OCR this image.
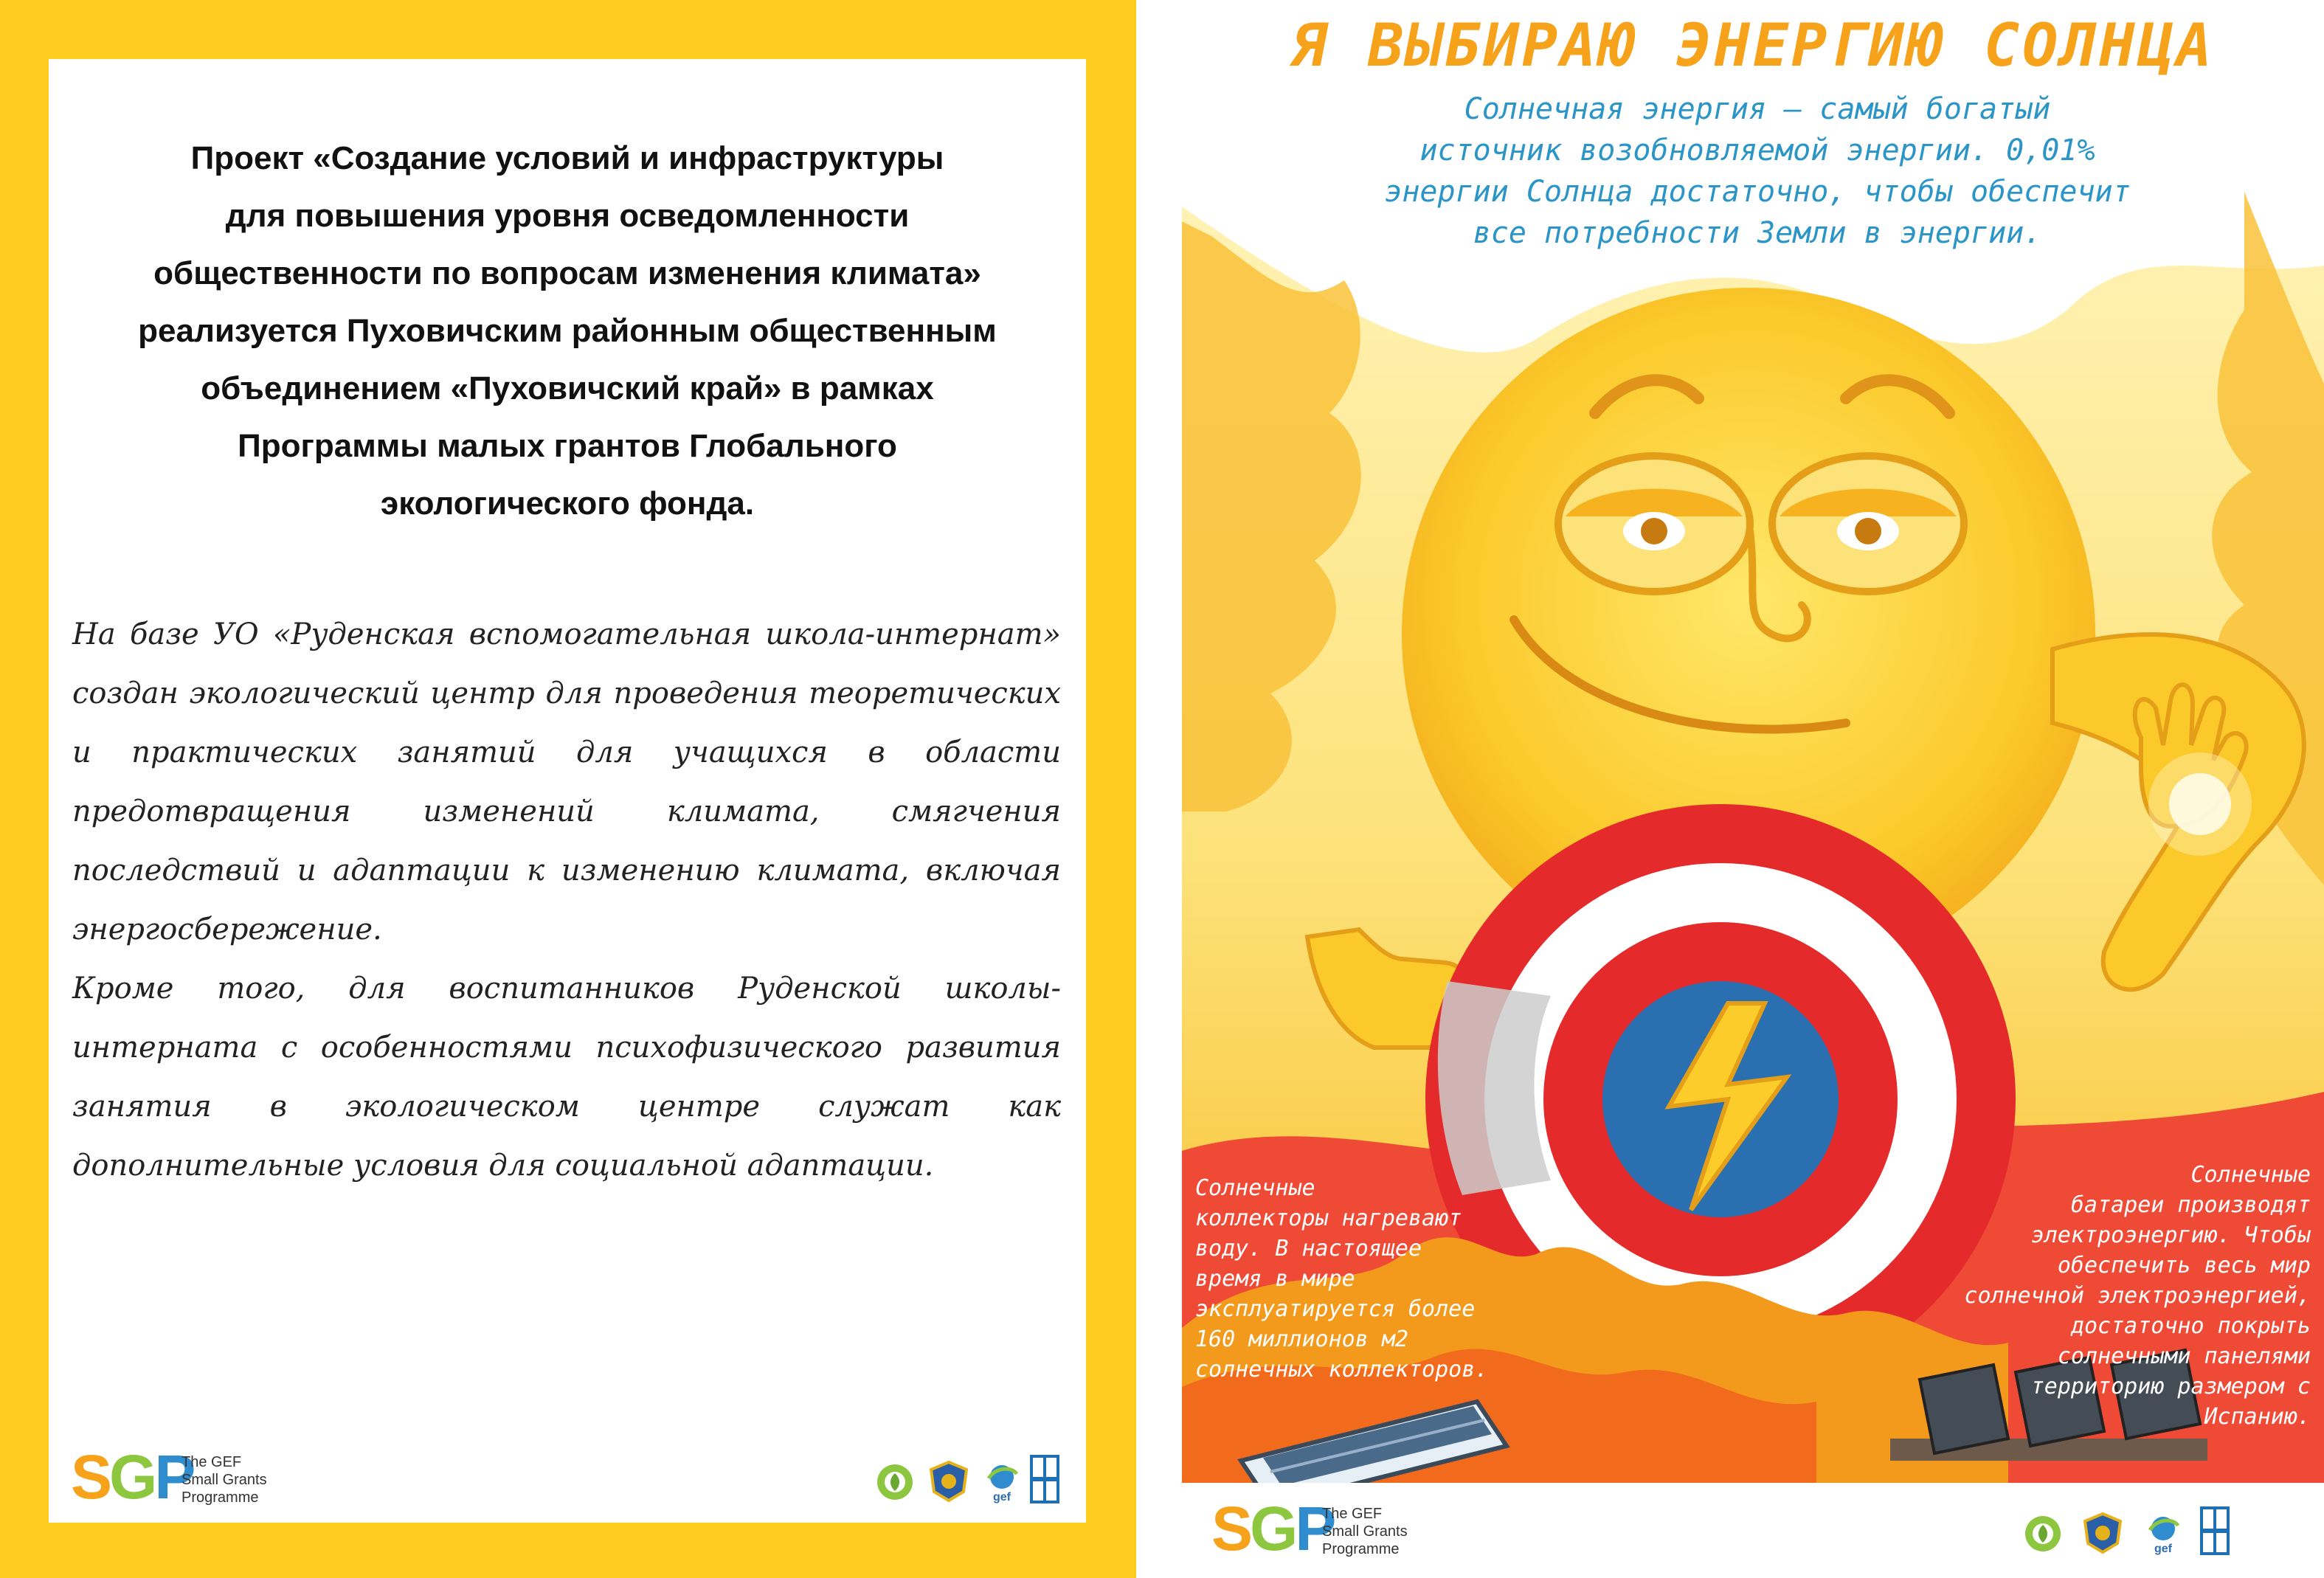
Проект «Создание условий и инфраструктуры
для повышения уровня осведомленности
общественности по вопросам изменения климата»
реализуется Пуховичским районным общественным
объединением «Пуховичский край» в рамках
Программы малых грантов Глобального
экологического фонда.

На базе УО «Руденская вспомогательная школа-интернат» создан экологический центр для проведения теоретических и практических занятий для учащихся в области предотвращения изменений климата, смягчения последствий и адаптации к изменению климата, включая энергосбережение.

Кроме того, для воспитанников Руденской школы-интерната с особенностями психофизического развития занятия в экологическом центре служат как дополнительные условия для социальной адаптации.

SGP
The GEF
Small Grants
Programme	gef
Я ВЫБИРАЮ ЭНЕРГИЮ СОЛНЦА

Солнечная энергия — самый богатый
источник возобновляемой энергии. 0,01%
энергии Солнца достаточно, чтобы обеспечит
все потребности Земли в энергии.

Солнечные
коллекторы нагревают
воду. В настоящее
время в мире
эксплуатируется более
160 миллионов м2
солнечных коллекторов.

Солнечные
батареи производят
электроэнергию. Чтобы
обеспечить весь мир
солнечной электроэнергией,
достаточно покрыть
солнечными панелями
территорию размером с
Испанию.

SGP
The GEF
Small Grants
Programme	gef
